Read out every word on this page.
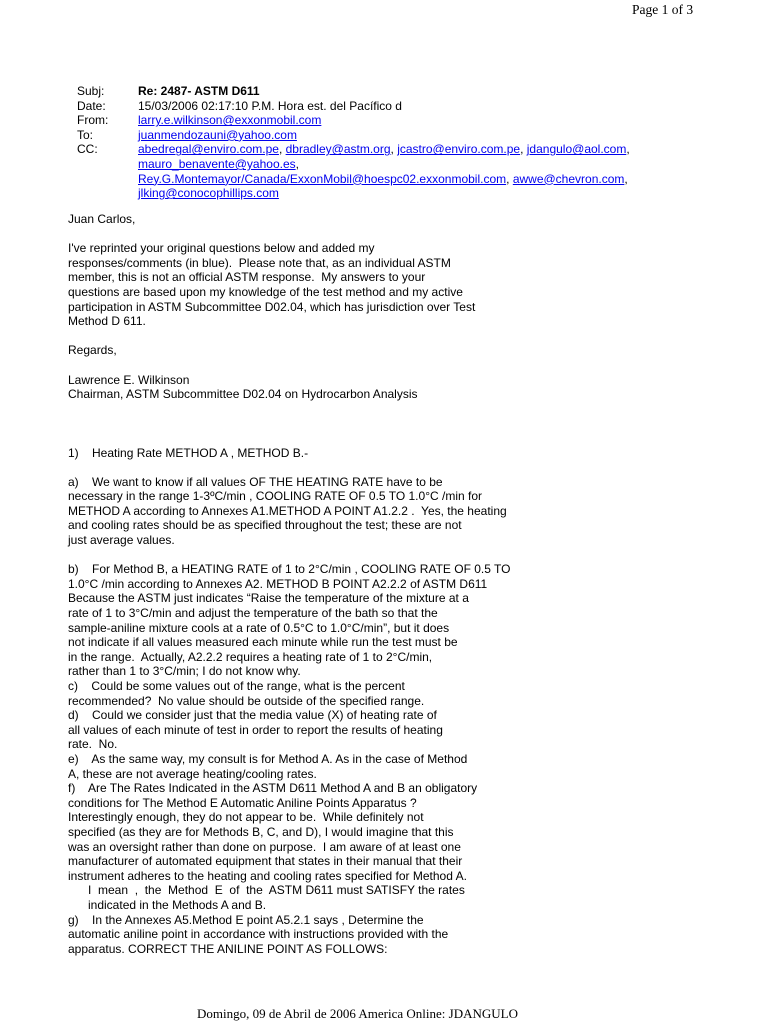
Page 1 of 3
Subj:	Re: 2487- ASTM D611
Date:	15/03/2006 02:17:10 P.M. Hora est. del Pacífico d
From:	larry.e.wilkinson@exxonmobil.com
To:	juanmendozauni@yahoo.com
CC:	abedregal@enviro.com.pe, dbradley@astm.org, jcastro@enviro.com.pe, jdangulo@aol.com,
mauro_benavente@yahoo.es,
Rey.G.Montemayor/Canada/ExxonMobil@hoespc02.exxonmobil.com, awwe@chevron.com,
jlking@conocophillips.com
Juan Carlos,
I've reprinted your original questions below and added my
responses/comments (in blue).  Please note that, as an individual ASTM
member, this is not an official ASTM response.  My answers to your
questions are based upon my knowledge of the test method and my active
participation in ASTM Subcommittee D02.04, which has jurisdiction over Test
Method D 611.
Regards,
Lawrence E. Wilkinson
Chairman, ASTM Subcommittee D02.04 on Hydrocarbon Analysis
1)    Heating Rate METHOD A , METHOD B.-
a)    We want to know if all values OF THE HEATING RATE have to be
necessary in the range 1-3ºC/min , COOLING RATE OF 0.5 TO 1.0°C /min for
METHOD A according to Annexes A1.METHOD A POINT A1.2.2 .  Yes, the heating
and cooling rates should be as specified throughout the test; these are not
just average values.
b)    For Method B, a HEATING RATE of 1 to 2°C/min , COOLING RATE OF 0.5 TO
1.0°C /min according to Annexes A2. METHOD B POINT A2.2.2 of ASTM D611
Because the ASTM just indicates “Raise the temperature of the mixture at a
rate of 1 to 3°C/min and adjust the temperature of the bath so that the
sample-aniline mixture cools at a rate of 0.5°C to 1.0°C/min”, but it does
not indicate if all values measured each minute while run the test must be
in the range.  Actually, A2.2.2 requires a heating rate of 1 to 2°C/min,
rather than 1 to 3°C/min; I do not know why.
c)    Could be some values out of the range, what is the percent
recommended?  No value should be outside of the specified range.
d)    Could we consider just that the media value (X) of heating rate of
all values of each minute of test in order to report the results of heating
rate.  No.
e)    As the same way, my consult is for Method A. As in the case of Method
A, these are not average heating/cooling rates.
f)    Are The Rates Indicated in the ASTM D611 Method A and B an obligatory
conditions for The Method E Automatic Aniline Points Apparatus ?
Interestingly enough, they do not appear to be.  While definitely not
specified (as they are for Methods B, C, and D), I would imagine that this
was an oversight rather than done on purpose.  I am aware of at least one
manufacturer of automated equipment that states in their manual that their
instrument adheres to the heating and cooling rates specified for Method A.
I  mean  ,  the  Method  E  of  the  ASTM D611 must SATISFY the rates
indicated in the Methods A and B.
g)    In the Annexes A5.Method E point A5.2.1 says , Determine the
automatic aniline point in accordance with instructions provided with the
apparatus. CORRECT THE ANILINE POINT AS FOLLOWS:
Domingo, 09 de Abril de 2006 America Online: JDANGULO
